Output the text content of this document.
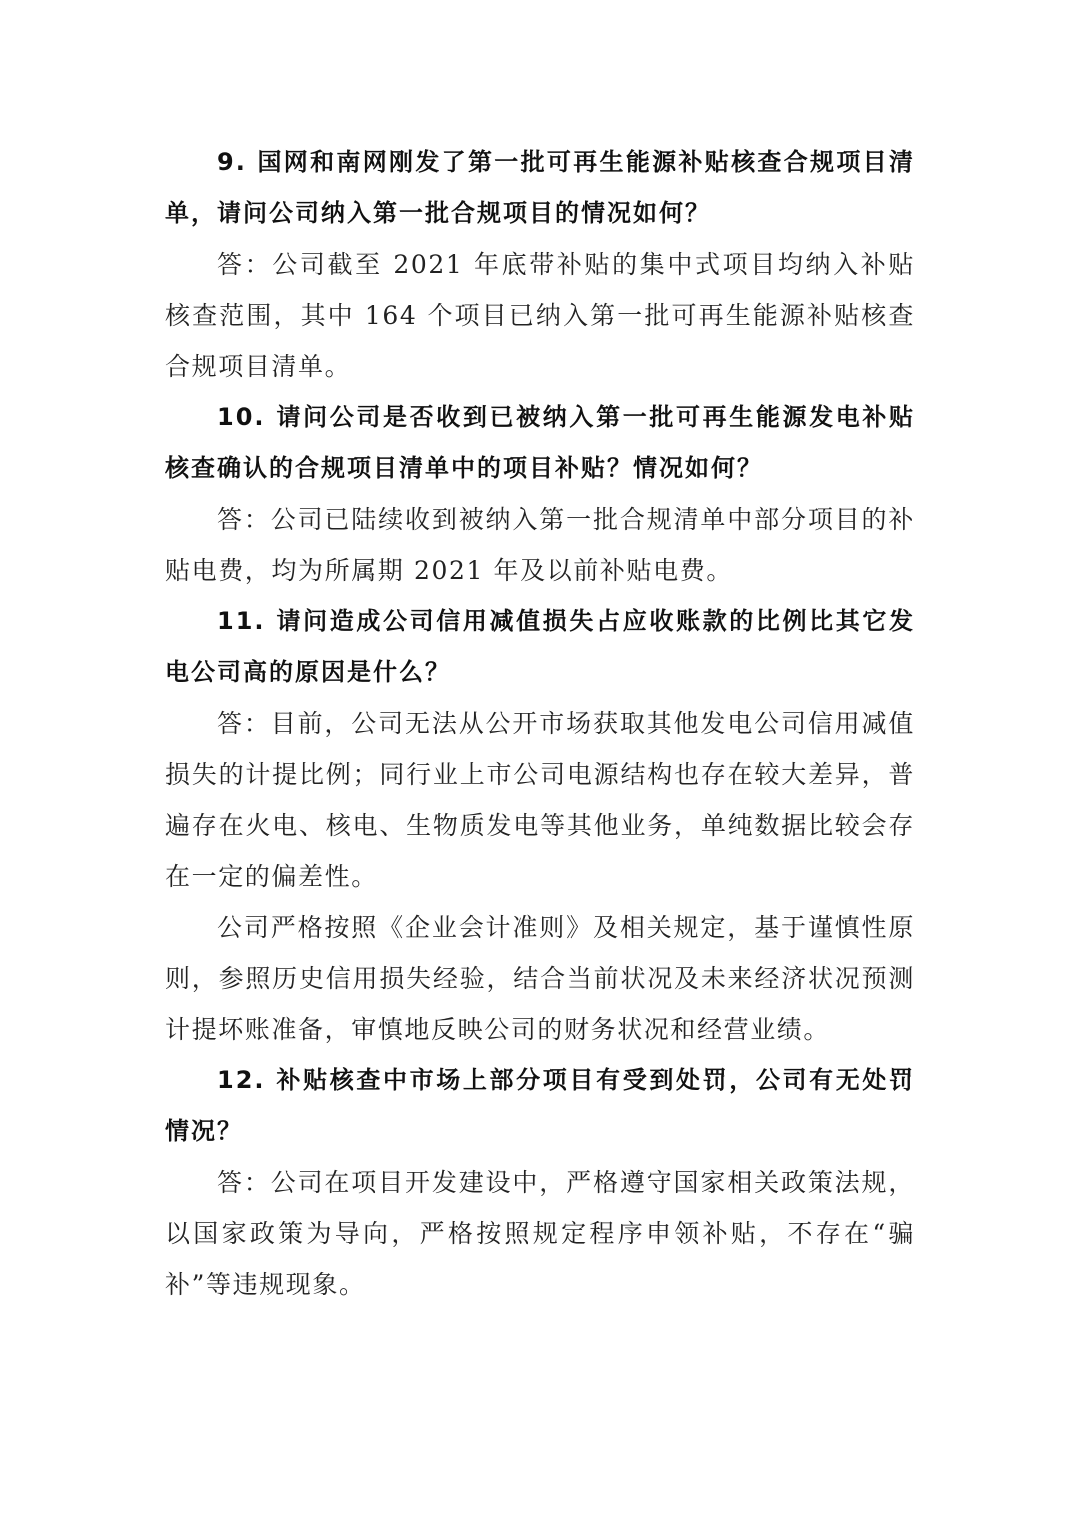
9. 国网和南网刚发了第一批可再生能源补贴核查合规项目清单，请问公司纳入第一批合规项目的情况如何？

答：公司截至 2021 年底带补贴的集中式项目均纳入补贴核查范围，其中 164 个项目已纳入第一批可再生能源补贴核查合规项目清单。

10. 请问公司是否收到已被纳入第一批可再生能源发电补贴核查确认的合规项目清单中的项目补贴？情况如何？

答：公司已陆续收到被纳入第一批合规清单中部分项目的补贴电费，均为所属期 2021 年及以前补贴电费。

11. 请问造成公司信用减值损失占应收账款的比例比其它发电公司高的原因是什么？

答：目前，公司无法从公开市场获取其他发电公司信用减值损失的计提比例；同行业上市公司电源结构也存在较大差异，普遍存在火电、核电、生物质发电等其他业务，单纯数据比较会存在一定的偏差性。

公司严格按照《企业会计准则》及相关规定，基于谨慎性原则，参照历史信用损失经验，结合当前状况及未来经济状况预测计提坏账准备，审慎地反映公司的财务状况和经营业绩。

12. 补贴核查中市场上部分项目有受到处罚，公司有无处罚情况？

答：公司在项目开发建设中，严格遵守国家相关政策法规，以国家政策为导向，严格按照规定程序申领补贴，不存在“骗补”等违规现象。
